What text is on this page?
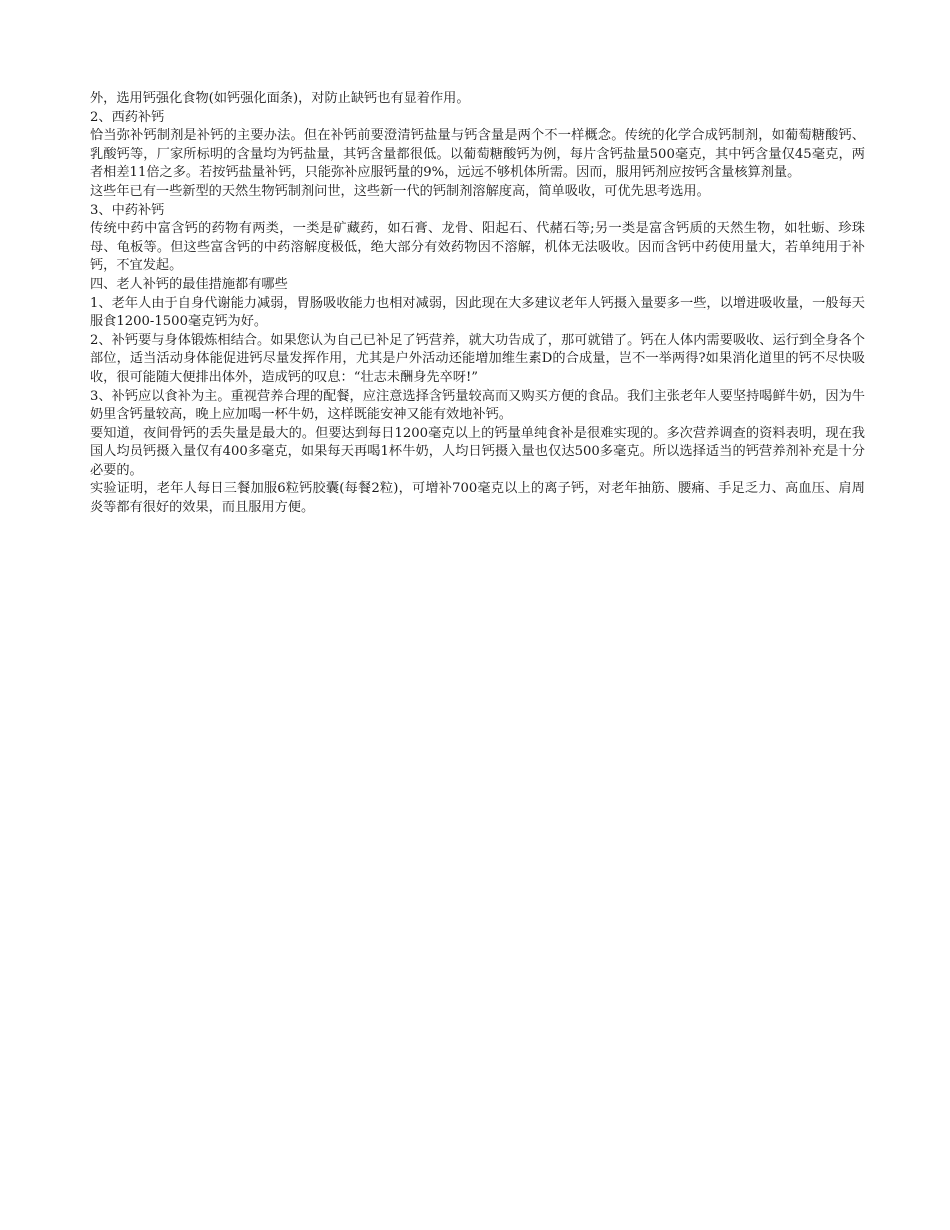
外，选用钙强化食物(如钙强化面条)，对防止缺钙也有显着作用。

2、西药补钙

恰当弥补钙制剂是补钙的主要办法。但在补钙前要澄清钙盐量与钙含量是两个不一样概念。传统的化学合成钙制剂，如葡萄糖酸钙、乳酸钙等，厂家所标明的含量均为钙盐量，其钙含量都很低。以葡萄糖酸钙为例，每片含钙盐量500毫克，其中钙含量仅45毫克，两者相差11倍之多。若按钙盐量补钙，只能弥补应服钙量的9%，远远不够机体所需。因而，服用钙剂应按钙含量核算剂量。

这些年已有一些新型的天然生物钙制剂问世，这些新一代的钙制剂溶解度高，简单吸收，可优先思考选用。

3、中药补钙

传统中药中富含钙的药物有两类，一类是矿藏药，如石膏、龙骨、阳起石、代赭石等;另一类是富含钙质的天然生物，如牡蛎、珍珠母、龟板等。但这些富含钙的中药溶解度极低，绝大部分有效药物因不溶解，机体无法吸收。因而含钙中药使用量大，若单纯用于补钙，不宜发起。

四、老人补钙的最佳措施都有哪些

1、老年人由于自身代谢能力减弱，胃肠吸收能力也相对减弱，因此现在大多建议老年人钙摄入量要多一些，以增进吸收量，一般每天服食1200-1500毫克钙为好。

2、补钙要与身体锻炼相结合。如果您认为自己已补足了钙营养，就大功告成了，那可就错了。钙在人体内需要吸收、运行到全身各个部位，适当活动身体能促进钙尽量发挥作用，尤其是户外活动还能增加维生素D的合成量，岂不一举两得?如果消化道里的钙不尽快吸收，很可能随大便排出体外，造成钙的叹息：“壮志未酬身先卒呀!”

3、补钙应以食补为主。重视营养合理的配餐，应注意选择含钙量较高而又购买方便的食品。我们主张老年人要坚持喝鲜牛奶，因为牛奶里含钙量较高，晚上应加喝一杯牛奶，这样既能安神又能有效地补钙。

要知道，夜间骨钙的丢失量是最大的。但要达到每日1200毫克以上的钙量单纯食补是很难实现的。多次营养调查的资料表明，现在我国人均员钙摄入量仅有400多毫克，如果每天再喝1杯牛奶，人均日钙摄入量也仅达500多毫克。所以选择适当的钙营养剂补充是十分必要的。

实验证明，老年人每日三餐加服6粒钙胶囊(每餐2粒)，可增补700毫克以上的离子钙，对老年抽筋、腰痛、手足乏力、高血压、肩周炎等都有很好的效果，而且服用方便。
